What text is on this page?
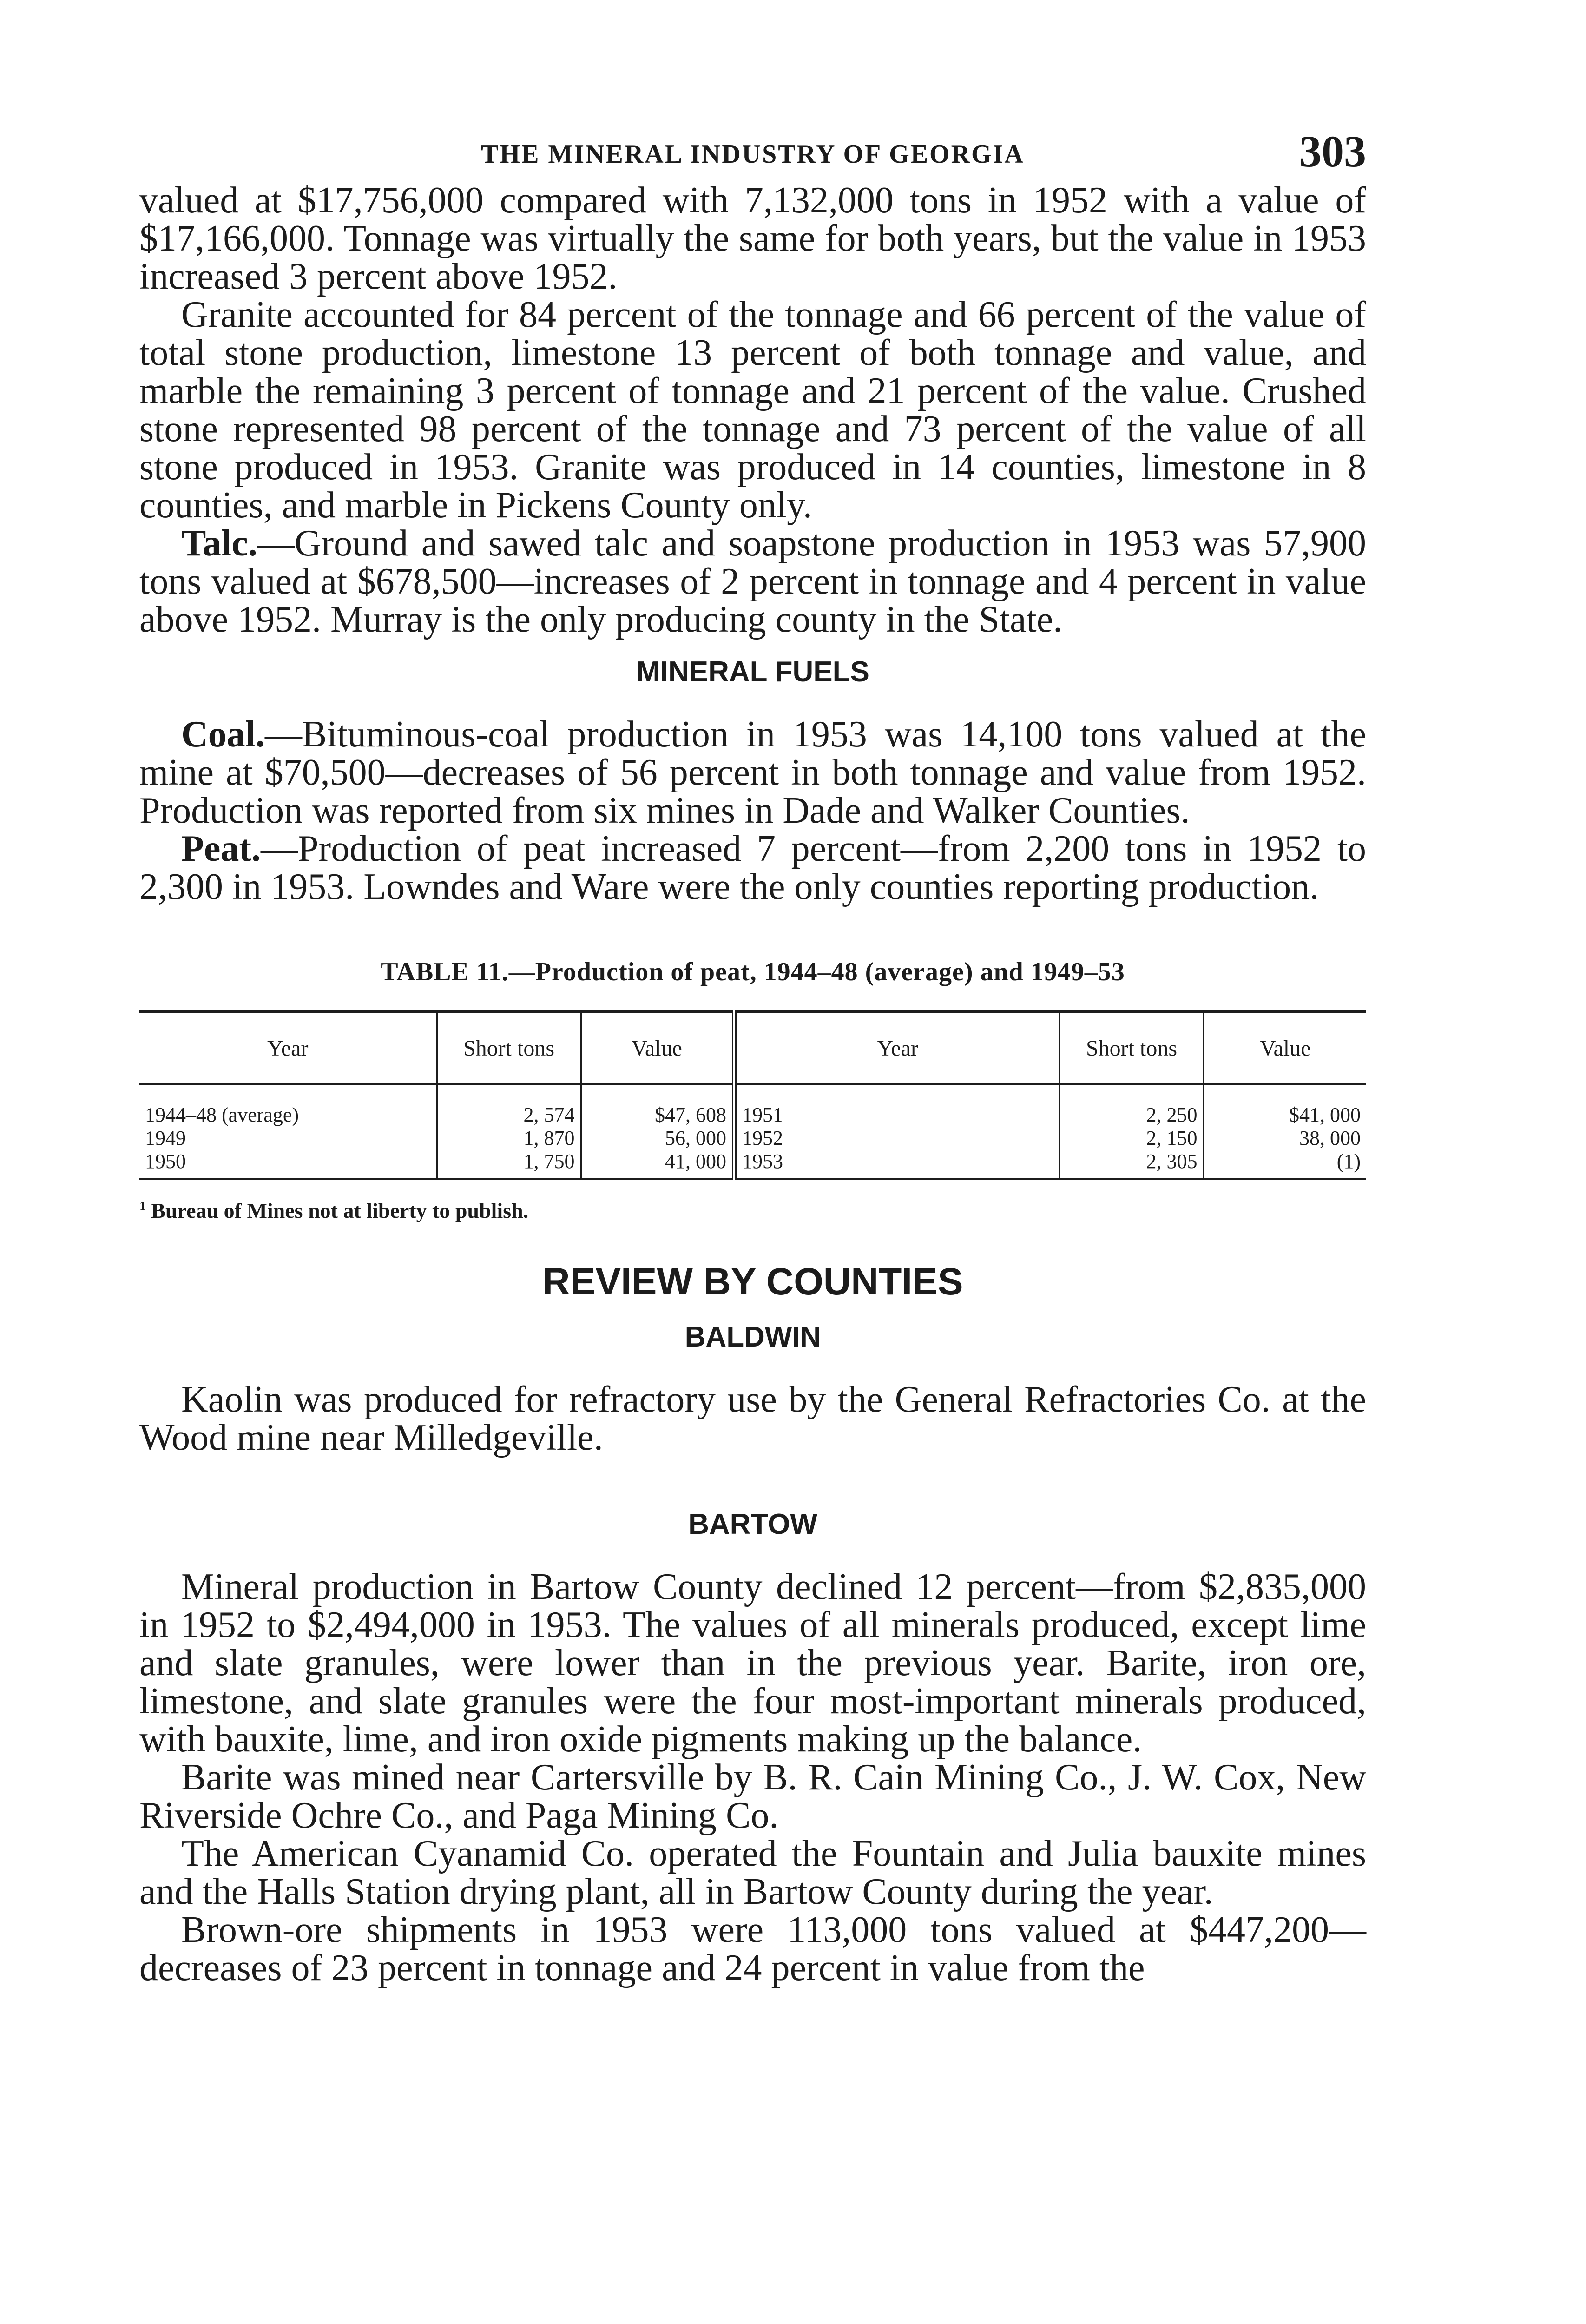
THE MINERAL INDUSTRY OF GEORGIA	303

valued at $17,756,000 compared with 7,132,000 tons in 1952 with a value of $17,166,000. Tonnage was virtually the same for both years, but the value in 1953 increased 3 percent above 1952.

Granite accounted for 84 percent of the tonnage and 66 percent of the value of total stone production, limestone 13 percent of both tonnage and value, and marble the remaining 3 percent of tonnage and 21 percent of the value. Crushed stone represented 98 percent of the tonnage and 73 percent of the value of all stone produced in 1953. Granite was produced in 14 counties, limestone in 8 counties, and marble in Pickens County only.

Talc.—Ground and sawed talc and soapstone production in 1953 was 57,900 tons valued at $678,500—increases of 2 percent in tonnage and 4 percent in value above 1952. Murray is the only producing county in the State.

MINERAL FUELS

Coal.—Bituminous-coal production in 1953 was 14,100 tons valued at the mine at $70,500—decreases of 56 percent in both tonnage and value from 1952. Production was reported from six mines in Dade and Walker Counties.

Peat.—Production of peat increased 7 percent—from 2,200 tons in 1952 to 2,300 in 1953. Lowndes and Ware were the only counties reporting production.

TABLE 11.—Production of peat, 1944–48 (average) and 1949–53
Year	Short tons	Value	Year	Short tons	Value
1944–48 (average)	2, 574	$47, 608	1951	2, 250	$41, 000
1949	1, 870	56, 000	1952	2, 150	38, 000
1950	1, 750	41, 000	1953	2, 305	(1)
$^1$ Bureau of Mines not at liberty to publish.
REVIEW BY COUNTIES
BALDWIN

Kaolin was produced for refractory use by the General Refractories Co. at the Wood mine near Milledgeville.

BARTOW

Mineral production in Bartow County declined 12 percent—from $2,835,000 in 1952 to $2,494,000 in 1953. The values of all minerals produced, except lime and slate granules, were lower than in the previous year. Barite, iron ore, limestone, and slate granules were the four most-important minerals produced, with bauxite, lime, and iron oxide pigments making up the balance.

Barite was mined near Cartersville by B. R. Cain Mining Co., J. W. Cox, New Riverside Ochre Co., and Paga Mining Co.

The American Cyanamid Co. operated the Fountain and Julia bauxite mines and the Halls Station drying plant, all in Bartow County during the year.

Brown-ore shipments in 1953 were 113,000 tons valued at $447,200—decreases of 23 percent in tonnage and 24 percent in value from the
